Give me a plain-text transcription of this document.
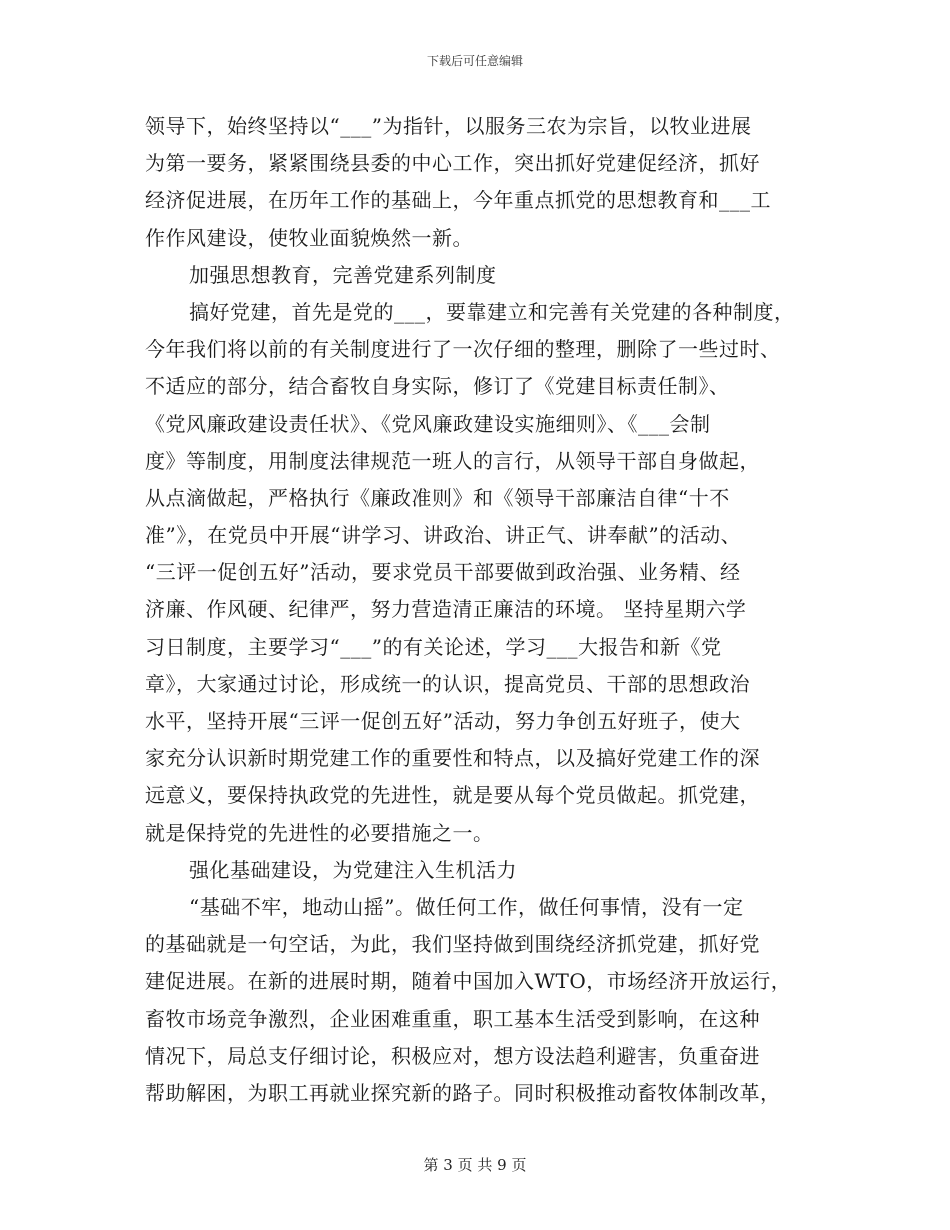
下载后可任意编辑
领导下，始终坚持以“___”为指针，以服务三农为宗旨，以牧业进展
为第一要务，紧紧围绕县委的中心工作，突出抓好党建促经济，抓好
经济促进展，在历年工作的基础上，今年重点抓党的思想教育和___工
作作风建设，使牧业面貌焕然一新。
加强思想教育，完善党建系列制度
搞好党建，首先是党的___，要靠建立和完善有关党建的各种制度，
今年我们将以前的有关制度进行了一次仔细的整理，删除了一些过时、
不适应的部分，结合畜牧自身实际，修订了《党建目标责任制》、
《党风廉政建设责任状》、《党风廉政建设实施细则》、《___会制
度》等制度，用制度法律规范一班人的言行，从领导干部自身做起，
从点滴做起，严格执行《廉政准则》和《领导干部廉洁自律“十不
准”》，在党员中开展“讲学习、讲政治、讲正气、讲奉献”的活动、
“三评一促创五好”活动，要求党员干部要做到政治强、业务精、经
济廉、作风硬、纪律严，努力营造清正廉洁的环境。 坚持星期六学
习日制度，主要学习“___”的有关论述，学习___大报告和新《党
章》，大家通过讨论，形成统一的认识，提高党员、干部的思想政治
水平，坚持开展“三评一促创五好”活动，努力争创五好班子，使大
家充分认识新时期党建工作的重要性和特点，以及搞好党建工作的深
远意义，要保持执政党的先进性，就是要从每个党员做起。抓党建，
就是保持党的先进性的必要措施之一。
强化基础建设，为党建注入生机活力
“基础不牢，地动山摇”。做任何工作，做任何事情，没有一定
的基础就是一句空话，为此，我们坚持做到围绕经济抓党建，抓好党
建促进展。在新的进展时期，随着中国加入WTO，市场经济开放运行，
畜牧市场竞争激烈，企业困难重重，职工基本生活受到影响，在这种
情况下，局总支仔细讨论，积极应对，想方设法趋利避害，负重奋进
帮助解困，为职工再就业探究新的路子。同时积极推动畜牧体制改革，
第 3 页 共 9 页
